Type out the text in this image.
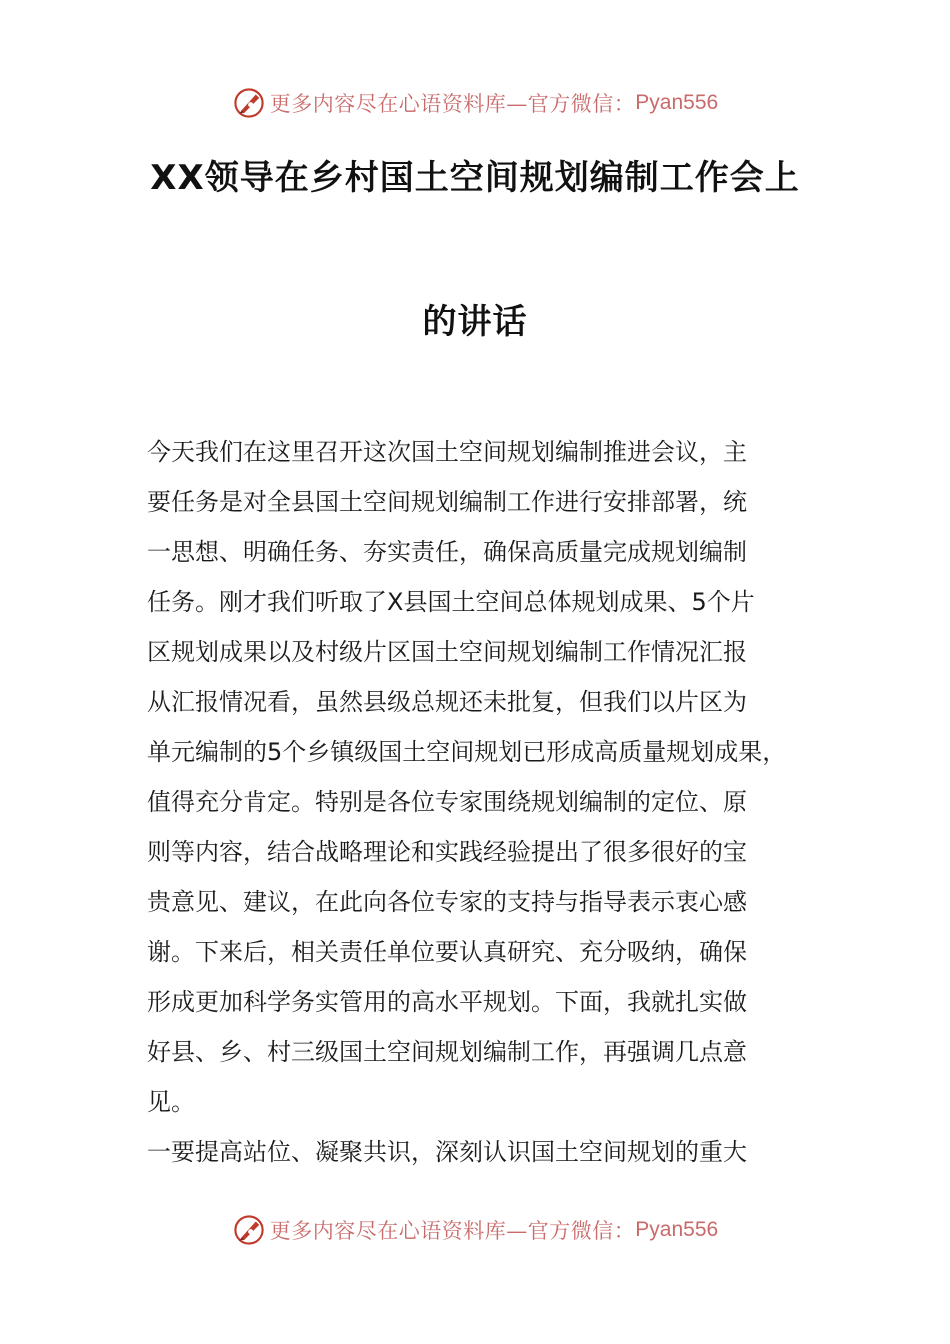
更多内容尽在心语资料库—官方微信： Pyan556
XX领导在乡村国土空间规划编制工作会上
的讲话
今天我们在这里召开这次国土空间规划编制推进会议，主
要任务是对全县国土空间规划编制工作进行安排部署，统
一思想、明确任务、夯实责任，确保高质量完成规划编制
任务。刚才我们听取了X县国土空间总体规划成果、5个片
区规划成果以及村级片区国土空间规划编制工作情况汇报
从汇报情况看，虽然县级总规还未批复，但我们以片区为
单元编制的5个乡镇级国土空间规划已形成高质量规划成果，
值得充分肯定。特别是各位专家围绕规划编制的定位、原
则等内容，结合战略理论和实践经验提出了很多很好的宝
贵意见、建议，在此向各位专家的支持与指导表示衷心感
谢。下来后，相关责任单位要认真研究、充分吸纳，确保
形成更加科学务实管用的高水平规划。下面，我就扎实做
好县、乡、村三级国土空间规划编制工作，再强调几点意
见。
一要提高站位、凝聚共识，深刻认识国土空间规划的重大
更多内容尽在心语资料库—官方微信： Pyan556
